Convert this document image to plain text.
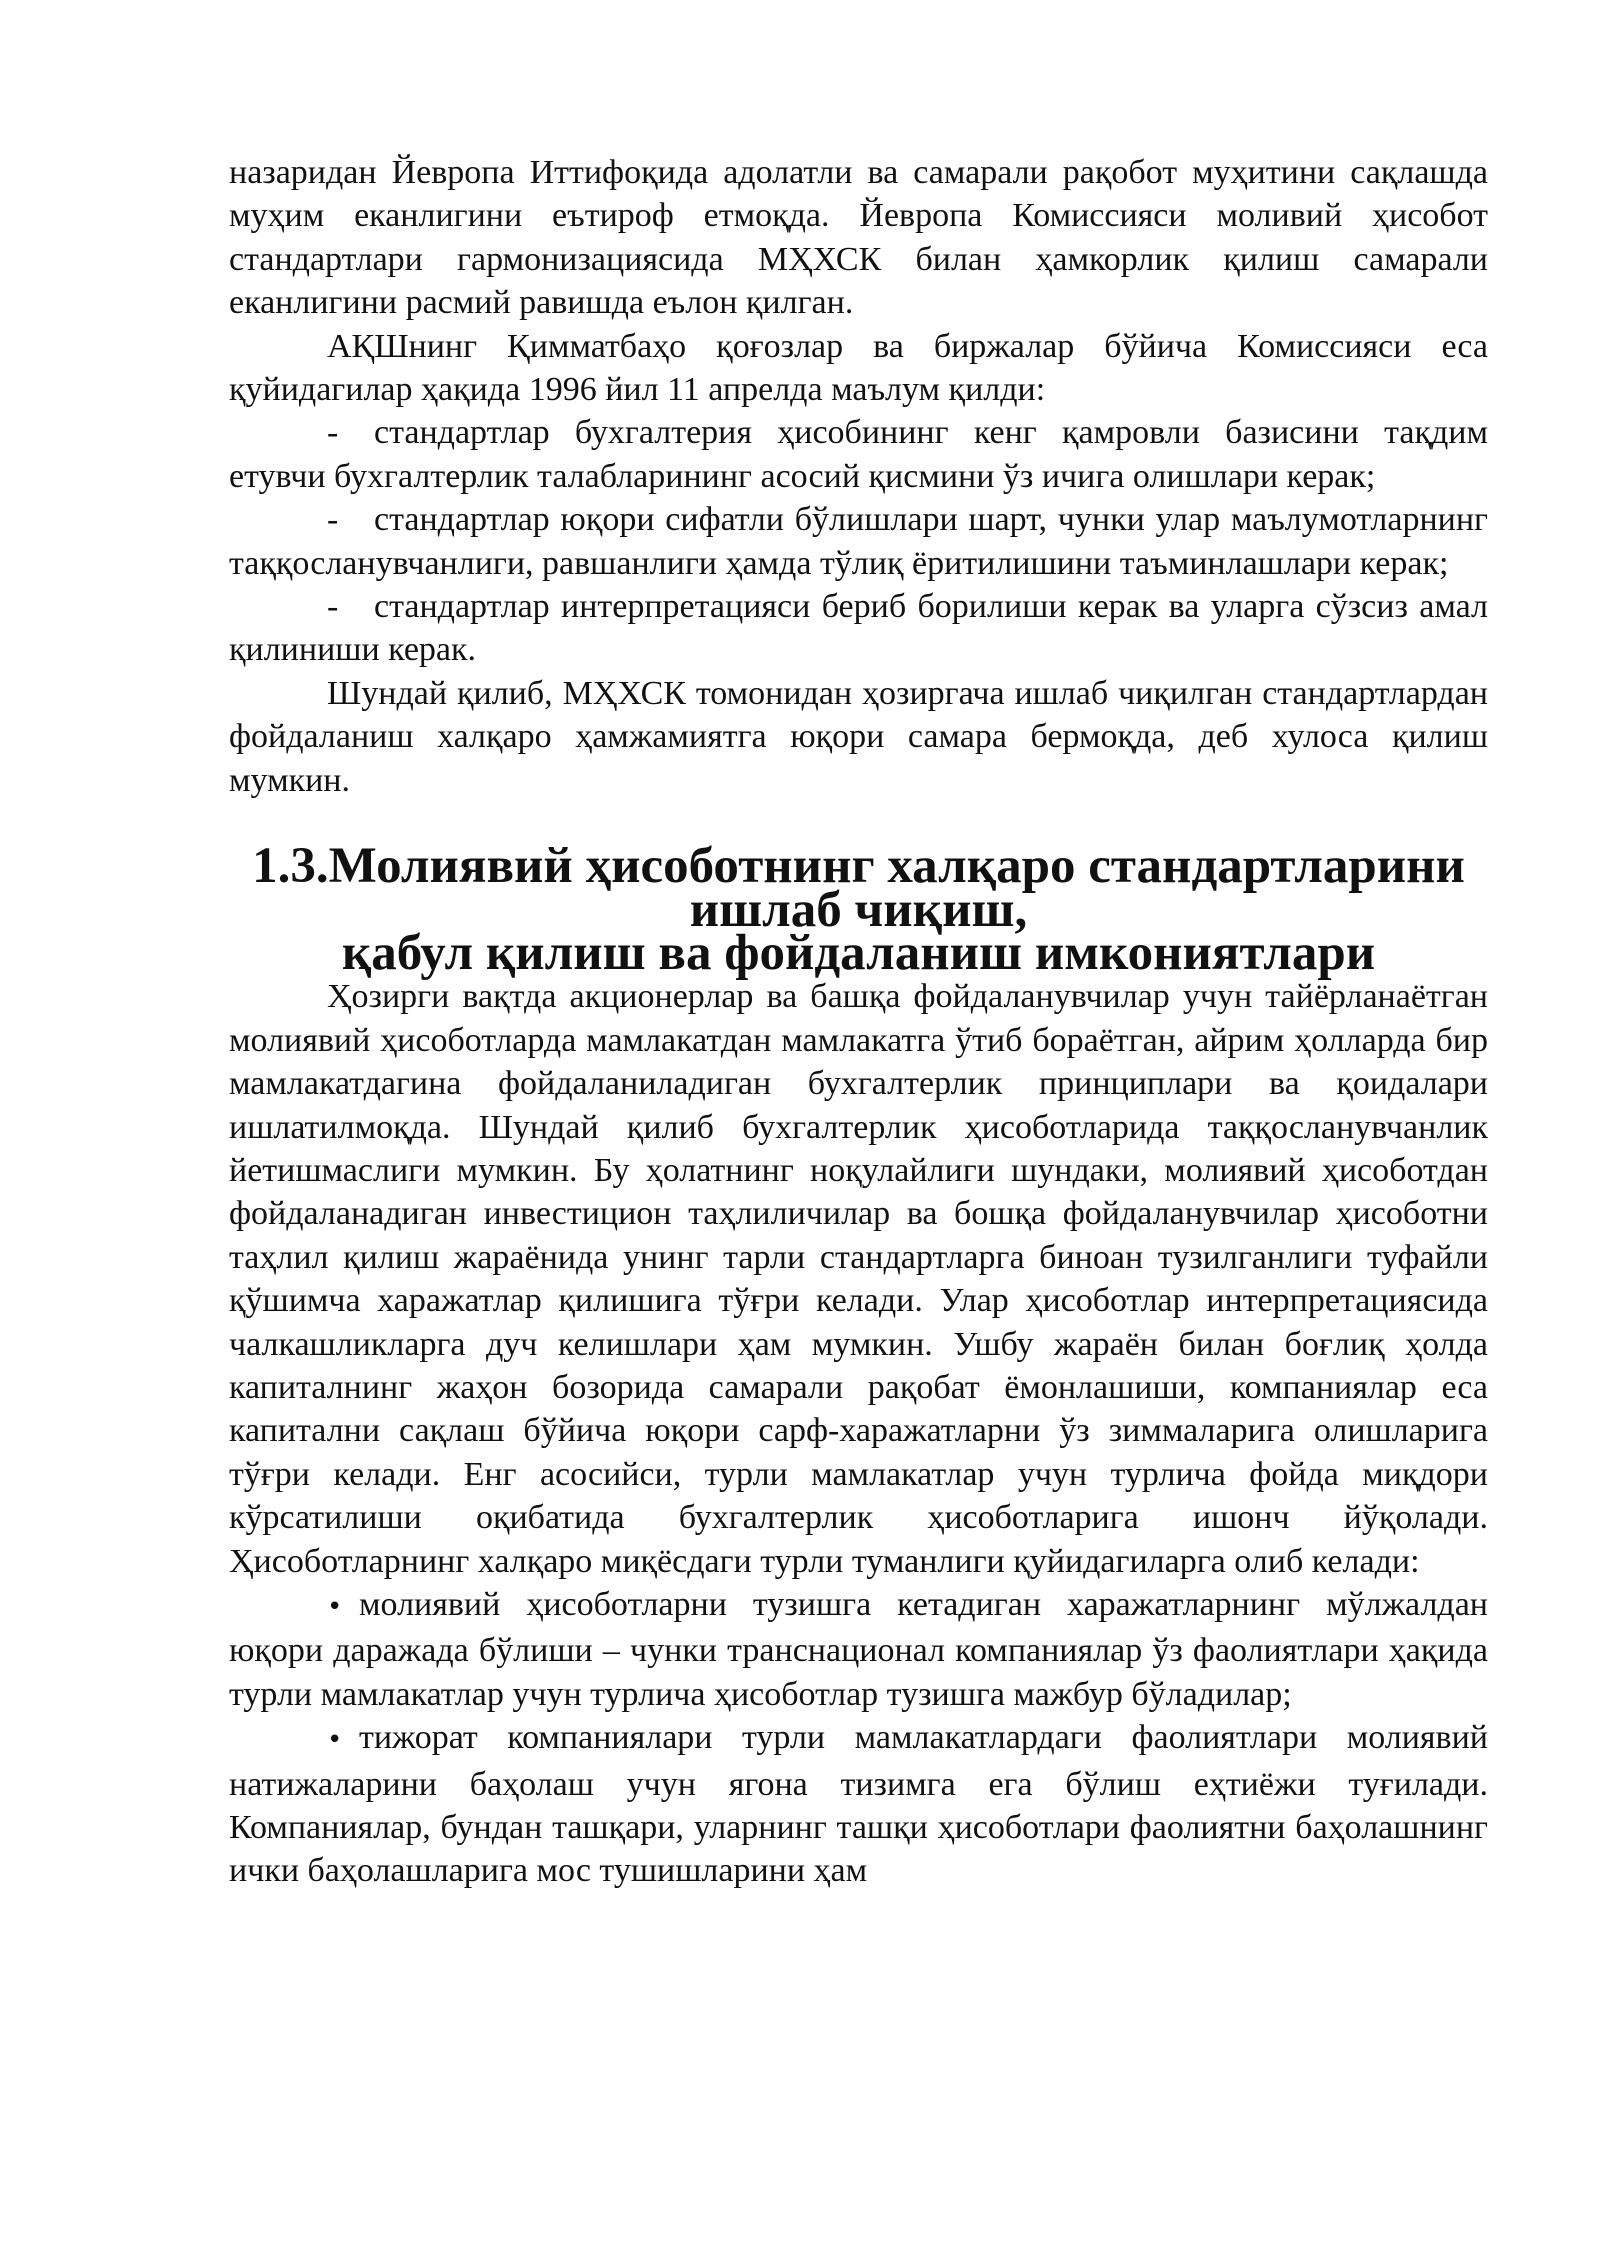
назаридан Йевропа Иттифоқида адолатли ва самарали рақобот муҳитини сақлашда муҳим еканлигини еътироф етмоқда. Йевропа Комиссияси моливий ҳисобот стандартлари гармонизациясида МҲХСК билан ҳамкорлик қилиш самарали еканлигини расмий равишда еълон қилган.

АҚШнинг Қимматбаҳо қоғозлар ва биржалар бўйича Комиссияси еса қуйидагилар ҳақида 1996 йил 11 апрелда маълум қилди:

- стандартлар бухгалтерия ҳисобининг кенг қамровли базисини тақдим етувчи бухгалтерлик талабларининг асосий қисмини ўз ичига олишлари керак;

- стандартлар юқори сифатли бўлишлари шарт, чунки улар маълумотларнинг таққосланувчанлиги, равшанлиги ҳамда тўлиқ ёритилишини таъминлашлари керак;

- стандартлар интерпретацияси бериб борилиши керак ва уларга сўзсиз амал қилиниши керак.

Шундай қилиб, МҲХСК томонидан ҳозиргача ишлаб чиқилган стандартлардан фойдаланиш халқаро ҳамжамиятга юқори самара бермоқда, деб хулоса қилиш мумкин.

1.3.Молиявий ҳисоботнинг халқаро стандартларини ишлаб чиқиш,
қабул қилиш ва фойдаланиш имкониятлари

Ҳозирги вақтда акционерлар ва башқа фойдаланувчилар учун тайёрланаётган молиявий ҳисоботларда мамлакатдан мамлакатга ўтиб бораётган, айрим ҳолларда бир мамлакатдагина фойдаланиладиган бухгалтерлик принциплари ва қоидалари ишлатилмоқда. Шундай қилиб бухгалтерлик ҳисоботларида таққосланувчанлик йетишмаслиги мумкин. Бу ҳолатнинг ноқулайлиги шундаки, молиявий ҳисоботдан фойдаланадиган инвестицион таҳлиличилар ва бошқа фойдаланувчилар ҳисоботни таҳлил қилиш жараёнида унинг тарли стандартларга биноан тузилганлиги туфайли қўшимча харажатлар қилишига тўғри келади. Улар ҳисоботлар интерпретациясида чалкашликларга дуч келишлари ҳам мумкин. Ушбу жараён билан боғлиқ ҳолда капиталнинг жаҳон бозорида самарали рақобат ёмонлашиши, компаниялар еса капитални сақлаш бўйича юқори сарф-харажатларни ўз зиммаларига олишларига тўғри келади. Енг асосийси, турли мамлакатлар учун турлича фойда миқдори кўрсатилиши оқибатида бухгалтерлик ҳисоботларига ишонч йўқолади. Ҳисоботларнинг халқаро миқёсдаги турли туманлиги қуйидагиларга олиб келади:

• молиявий ҳисоботларни тузишга кетадиган харажатларнинг мўлжалдан юқори даражада бўлиши – чунки транснационал компаниялар ўз фаолиятлари ҳақида турли мамлакатлар учун турлича ҳисоботлар тузишга мажбур бўладилар;

• тижорат компаниялари турли мамлакатлардаги фаолиятлари молиявий натижаларини баҳолаш учун ягона тизимга ега бўлиш еҳтиёжи туғилади. Компаниялар, бундан ташқари, уларнинг ташқи ҳисоботлари фаолиятни баҳолашнинг ички баҳолашларига мос тушишларини ҳам
